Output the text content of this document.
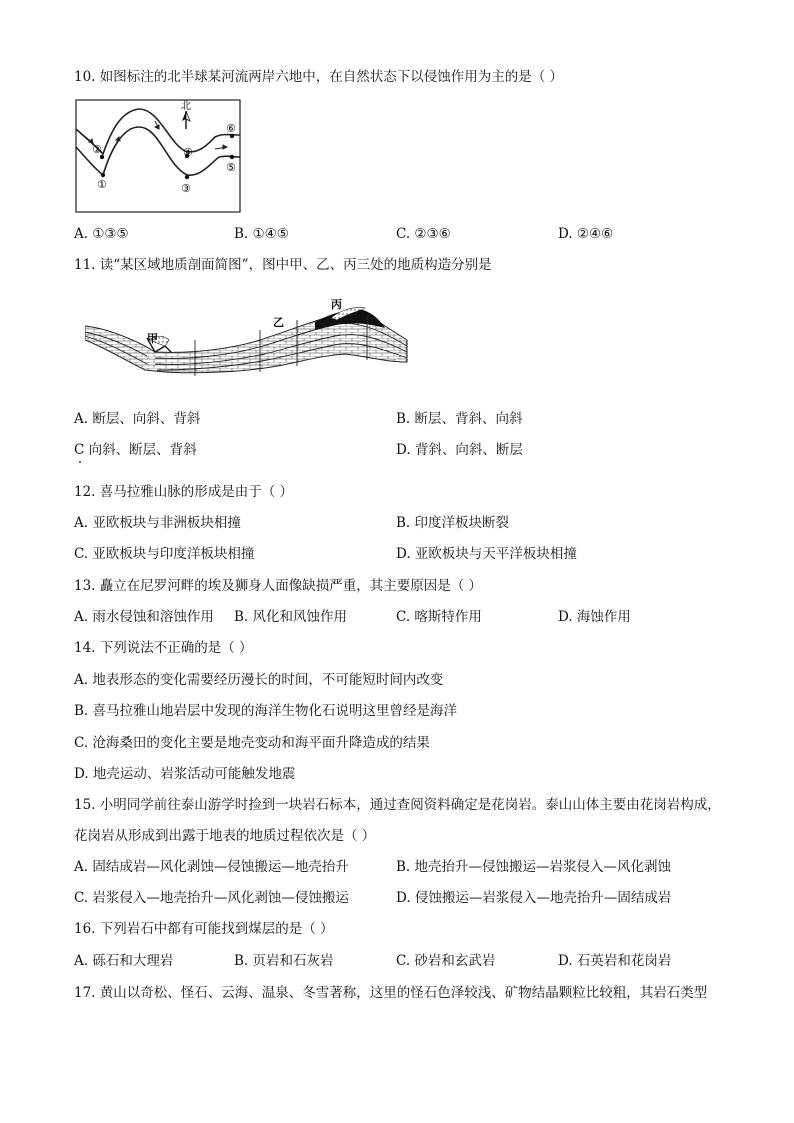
10. 如图标注的北半球某河流两岸六地中，在自然状态下以侵蚀作用为主的是（ ）
北
②
①
④
③
⑥
⑤
A. ①③⑤	B. ①④⑤	C. ②③⑥	D. ②④⑥
11. 读“某区域地质剖面简图”，图中甲、乙、丙三处的地质构造分别是
甲
乙
丙
A. 断层、向斜、背斜	B. 断层、背斜、向斜
C 向斜、断层、背斜	D. 背斜、向斜、断层
12. 喜马拉雅山脉的形成是由于（ ）
A. 亚欧板块与非洲板块相撞	B. 印度洋板块断裂
C. 亚欧板块与印度洋板块相撞	D. 亚欧板块与天平洋板块相撞
13. 矗立在尼罗河畔的埃及狮身人面像缺损严重，其主要原因是（ ）
A. 雨水侵蚀和溶蚀作用 B. 风化和风蚀作用	C. 喀斯特作用	D. 海蚀作用
14. 下列说法不正确的是（ ）
A. 地表形态的变化需要经历漫长的时间，不可能短时间内改变
B. 喜马拉雅山地岩层中发现的海洋生物化石说明这里曾经是海洋
C. 沧海桑田的变化主要是地壳变动和海平面升降造成的结果
D. 地壳运动、岩浆活动可能触发地震
15. 小明同学前往泰山游学时捡到一块岩石标本，通过查阅资料确定是花岗岩。泰山山体主要由花岗岩构成，
花岗岩从形成到出露于地表的地质过程依次是（ ）
A. 固结成岩—风化剥蚀—侵蚀搬运—地壳抬升	B. 地壳抬升—侵蚀搬运—岩浆侵入—风化剥蚀
C. 岩浆侵入—地壳抬升—风化剥蚀—侵蚀搬运	D. 侵蚀搬运—岩浆侵入—地壳抬升—固结成岩
16. 下列岩石中都有可能找到煤层的是（ ）
A. 砾石和大理岩	B. 页岩和石灰岩	C. 砂岩和玄武岩	D. 石英岩和花岗岩
17. 黄山以奇松、怪石、云海、温泉、冬雪著称，这里的怪石色泽较浅、矿物结晶颗粒比较粗，其岩石类型
